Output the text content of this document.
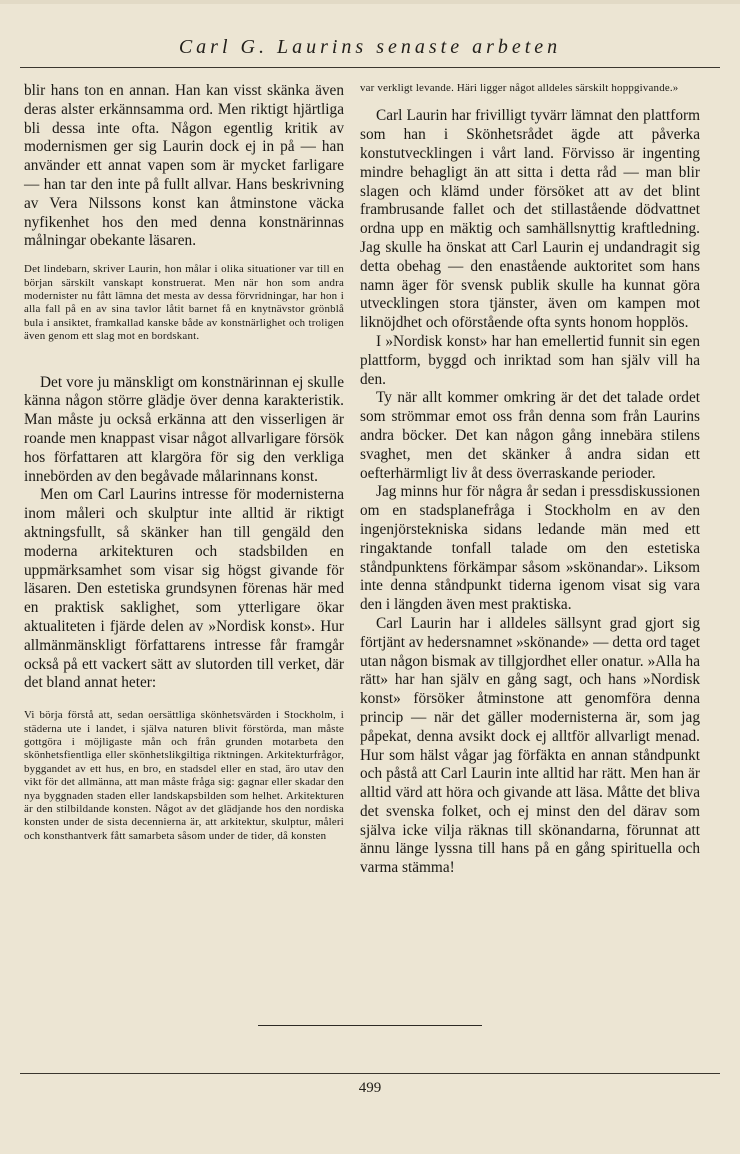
Carl G. Laurins senaste arbeten

blir hans ton en annan. Han kan visst skänka även deras alster erkännsamma ord. Men riktigt hjärtliga bli dessa inte ofta. Någon egentlig kritik av modernismen ger sig Laurin dock ej in på — han använder ett annat vapen som är mycket farligare — han tar den inte på fullt allvar. Hans beskrivning av Vera Nilssons konst kan åtminstone väcka nyfikenhet hos den med denna konstnärinnas målningar obekante läsaren.

Det lindebarn, skriver Laurin, hon målar i olika situationer var till en början särskilt vanskapt konstruerat. Men när hon som andra modernister nu fått lämna det mesta av dessa förvridningar, har hon i alla fall på en av sina tavlor låtit barnet få en knytnävstor grönblå bula i ansiktet, framkallad kanske både av konstnärlighet och troligen även genom ett slag mot en bordskant.

Det vore ju mänskligt om konstnärinnan ej skulle känna någon större glädje över denna karakteristik. Man måste ju också erkänna att den visserligen är roande men knappast visar något allvarligare försök hos författaren att klargöra för sig den verkliga innebörden av den begåvade målarinnans konst.

Men om Carl Laurins intresse för modernisterna inom måleri och skulptur inte alltid är riktigt aktningsfullt, så skänker han till gengäld den moderna arkitekturen och stadsbilden en uppmärksamhet som visar sig högst givande för läsaren. Den estetiska grundsynen förenas här med en praktisk saklighet, som ytterligare ökar aktualiteten i fjärde delen av »Nordisk konst». Hur allmänmänskligt författarens intresse får framgår också på ett vackert sätt av slutorden till verket, där det bland annat heter:

Vi börja förstå att, sedan oersättliga skönhetsvärden i Stockholm, i städerna ute i landet, i själva naturen blivit förstörda, man måste gottgöra i möjligaste mån och från grunden motarbeta den skönhetsfientliga eller skönhetslikgiltiga riktningen. Arkitekturfrågor, byggandet av ett hus, en bro, en stadsdel eller en stad, äro utav den vikt för det allmänna, att man måste fråga sig: gagnar eller skadar den nya byggnaden staden eller landskapsbilden som helhet. Arkitekturen är den stilbildande konsten. Något av det glädjande hos den nordiska konsten under de sista decennierna är, att arkitektur, skulptur, måleri och konsthantverk fått samarbeta såsom under de tider, då konsten

var verkligt levande. Häri ligger något alldeles särskilt hoppgivande.»

Carl Laurin har frivilligt tyvärr lämnat den plattform som han i Skönhetsrådet ägde att påverka konstutvecklingen i vårt land. Förvisso är ingenting mindre behagligt än att sitta i detta råd — man blir slagen och klämd under försöket att av det blint frambrusande fallet och det stillastående dödvattnet ordna upp en mäktig och samhällsnyttig kraftledning. Jag skulle ha önskat att Carl Laurin ej undandragit sig detta obehag — den enastående auktoritet som hans namn äger för svensk publik skulle ha kunnat göra utvecklingen stora tjänster, även om kampen mot liknöjdhet och oförstående ofta synts honom hopplös.

I »Nordisk konst» har han emellertid funnit sin egen plattform, byggd och inriktad som han själv vill ha den.

Ty när allt kommer omkring är det det talade ordet som strömmar emot oss från denna som från Laurins andra böcker. Det kan någon gång innebära stilens svaghet, men det skänker å andra sidan ett oefterhärmligt liv åt dess överraskande perioder.

Jag minns hur för några år sedan i pressdiskussionen om en stadsplanefråga i Stockholm en av den ingenjörstekniska sidans ledande män med ett ringaktande tonfall talade om den estetiska ståndpunktens förkämpar såsom »skönandar». Liksom inte denna ståndpunkt tiderna igenom visat sig vara den i längden även mest praktiska.

Carl Laurin har i alldeles sällsynt grad gjort sig förtjänt av hedersnamnet »skönande» — detta ord taget utan någon bismak av tillgjordhet eller onatur. »Alla ha rätt» har han själv en gång sagt, och hans »Nordisk konst» försöker åtminstone att genomföra denna princip — när det gäller modernisterna är, som jag påpekat, denna avsikt dock ej alltför allvarligt menad. Hur som hälst vågar jag förfäkta en annan ståndpunkt och påstå att Carl Laurin inte alltid har rätt. Men han är alltid värd att höra och givande att läsa. Måtte det bliva det svenska folket, och ej minst den del därav som självа icke vilja räknas till skönandarna, förunnat att ännu länge lyssna till hans på en gång spirituella och varma stämma!

499
